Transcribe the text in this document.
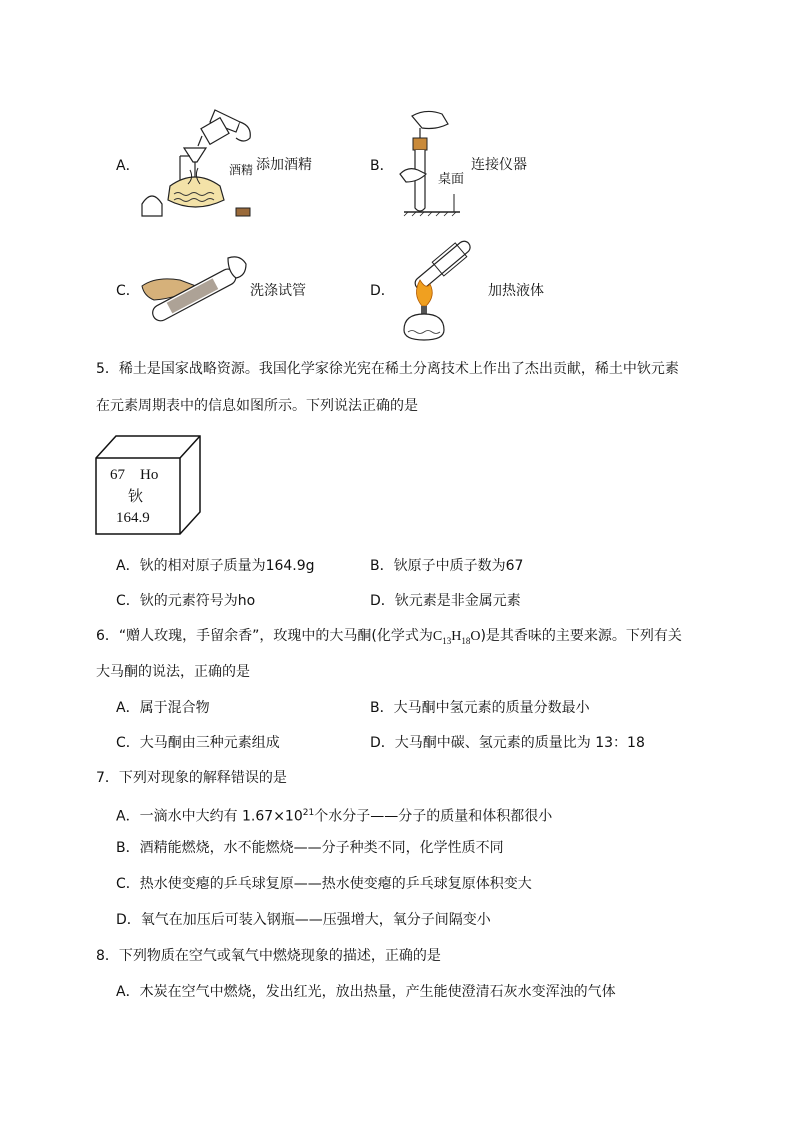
A．	酒精 添加酒精	B．
桌面
连接仪器
C．	洗涤试管	D．	加热液体
5．稀土是国家战略资源。我国化学家徐光宪在稀土分离技术上作出了杰出贡献，稀土中钬元素
在元素周期表中的信息如图所示。下列说法正确的是
67 Ho
钬
164.9
A．钬的相对原子质量为164.9g	B．钬原子中质子数为67
C．钬的元素符号为ho	D．钬元素是非金属元素
6．“赠人玫瑰，手留余香”，玫瑰中的大马酮(化学式为$C_{13}H_{18}O$)是其香味的主要来源。下列有关
大马酮的说法，正确的是
A．属于混合物	B．大马酮中氢元素的质量分数最小
C．大马酮由三种元素组成	D．大马酮中碳、氢元素的质量比为 13：18
7．下列对现象的解释错误的是
A．一滴水中大约有 $1.67\times 10^{21}$个水分子——分子的质量和体积都很小
B．酒精能燃烧，水不能燃烧——分子种类不同，化学性质不同
C．热水使变瘪的乒乓球复原——热水使变瘪的乒乓球复原体积变大
D．氧气在加压后可装入钢瓶——压强增大，氧分子间隔变小
8．下列物质在空气或氧气中燃烧现象的描述，正确的是
A．木炭在空气中燃烧，发出红光，放出热量，产生能使澄清石灰水变浑浊的气体
